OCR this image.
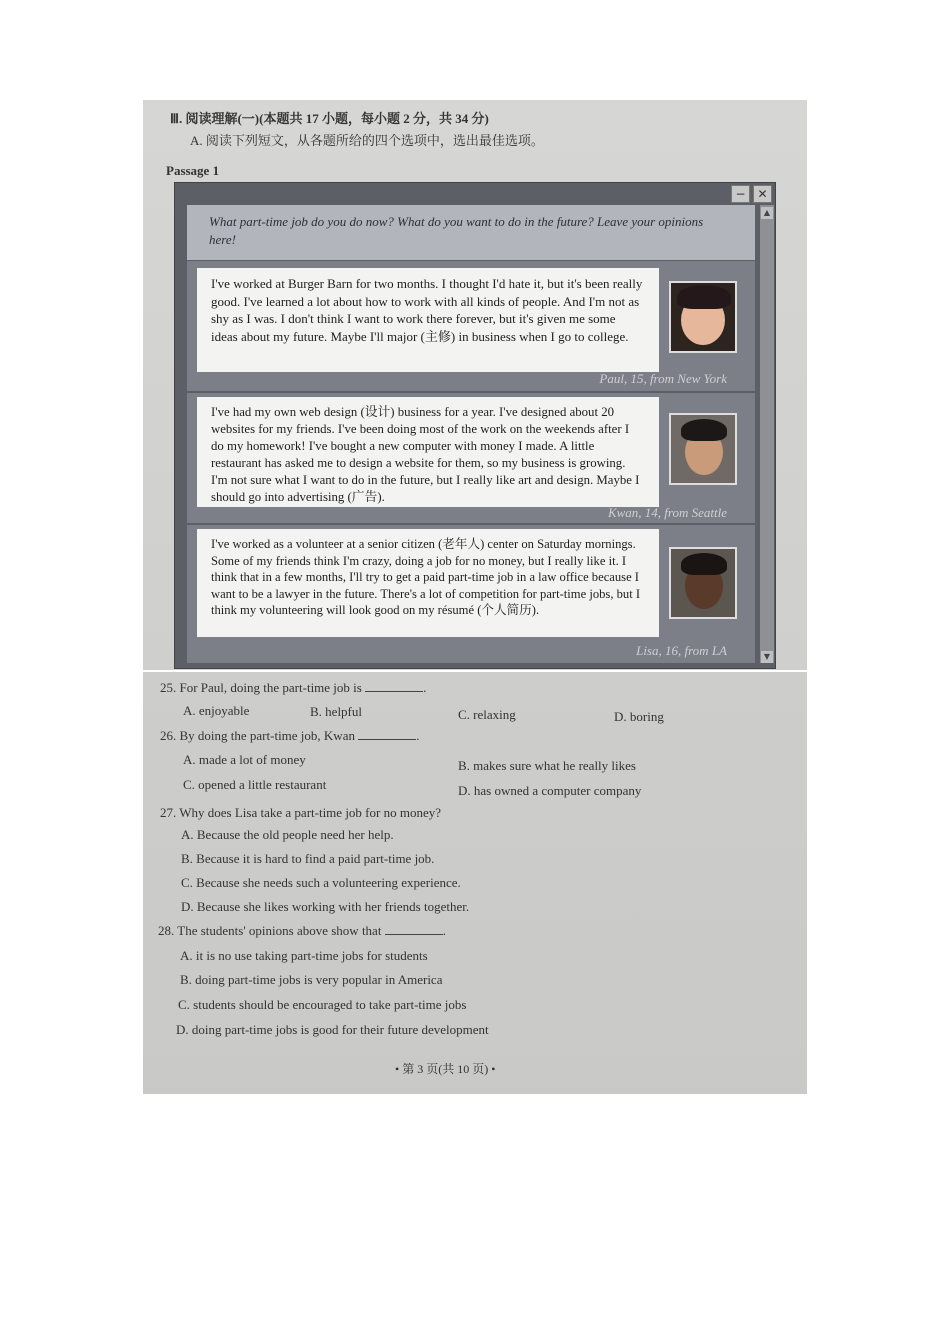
Ⅲ. 阅读理解(一)(本题共 17 小题，每小题 2 分，共 34 分)
A. 阅读下列短文，从各题所给的四个选项中，选出最佳选项。
Passage 1
− ✕
▲
▼
What part-time job do you do now? What do you want to do in the future? Leave your opinions here!
I've worked at Burger Barn for two months. I thought I'd hate it, but it's been really good. I've learned a lot about how to work with all kinds of people. And I'm not as shy as I was. I don't think I want to work there forever, but it's given me some ideas about my future. Maybe I'll major (主修) in business when I go to college.
Paul, 15, from New York
I've had my own web design (设计) business for a year. I've designed about 20 websites for my friends. I've been doing most of the work on the weekends after I do my homework! I've bought a new computer with money I made. A little restaurant has asked me to design a website for them, so my business is growing. I'm not sure what I want to do in the future, but I really like art and design. Maybe I should go into advertising (广告).
Kwan, 14, from Seattle
I've worked as a volunteer at a senior citizen (老年人) center on Saturday mornings. Some of my friends think I'm crazy, doing a job for no money, but I really like it. I think that in a few months, I'll try to get a paid part-time job in a law office because I want to be a lawyer in the future. There's a lot of competition for part-time jobs, but I think my volunteering will look good on my résumé (个人简历).
Lisa, 16, from LA
25. For Paul, doing the part-time job is	.
A. enjoyable	B. helpful	C. relaxing	D. boring
26. By doing the part-time job, Kwan	.
A. made a lot of money	B. makes sure what he really likes
C. opened a little restaurant	D. has owned a computer company
27. Why does Lisa take a part-time job for no money?
A. Because the old people need her help.
B. Because it is hard to find a paid part-time job.
C. Because she needs such a volunteering experience.
D. Because she likes working with her friends together.
28. The students' opinions above show that	.
A. it is no use taking part-time jobs for students
B. doing part-time jobs is very popular in America
C. students should be encouraged to take part-time jobs
D. doing part-time jobs is good for their future development
• 第 3 页(共 10 页) •
